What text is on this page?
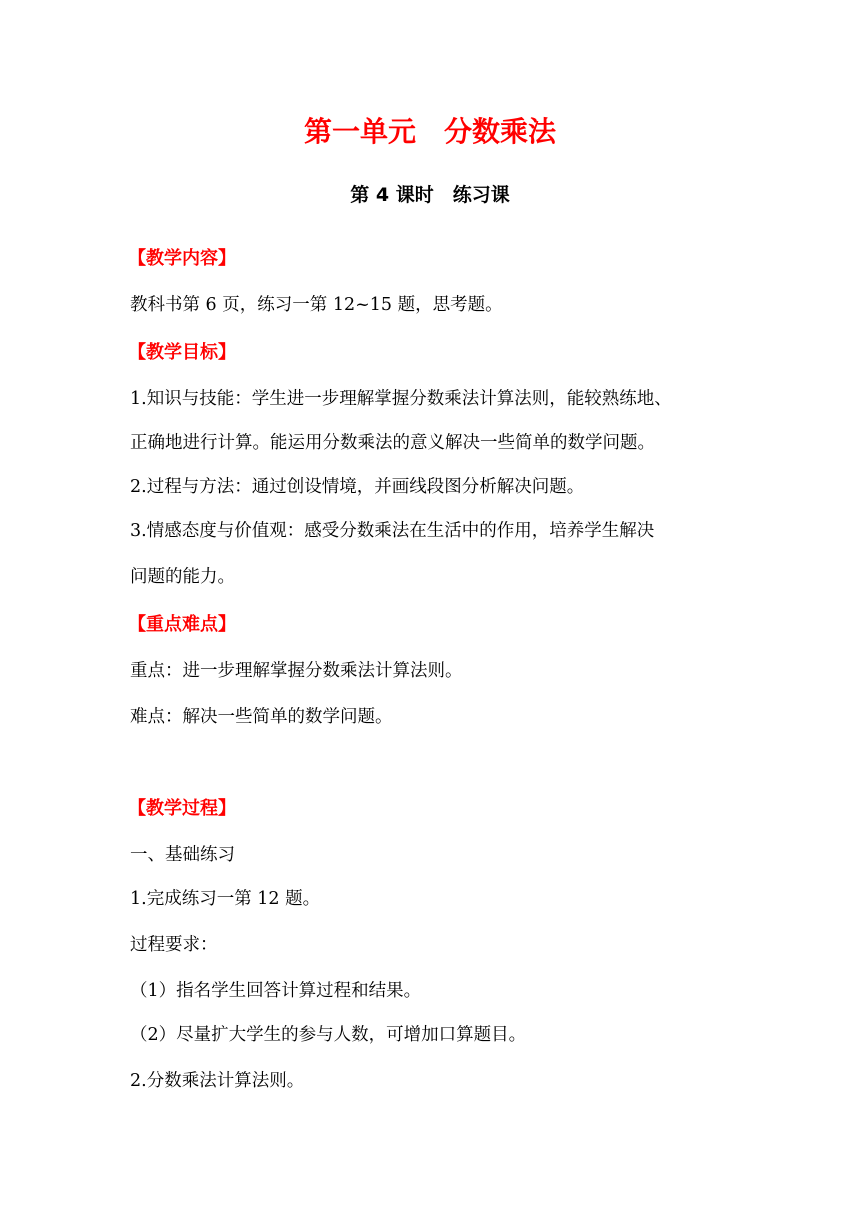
第一单元　分数乘法
第 4 课时　练习课
【教学内容】
教科书第 6 页，练习一第 12~15 题，思考题。
【教学目标】
1.知识与技能：学生进一步理解掌握分数乘法计算法则，能较熟练地、
正确地进行计算。能运用分数乘法的意义解决一些简单的数学问题。
2.过程与方法：通过创设情境，并画线段图分析解决问题。
3.情感态度与价值观：感受分数乘法在生活中的作用，培养学生解决
问题的能力。
【重点难点】
重点：进一步理解掌握分数乘法计算法则。
难点：解决一些简单的数学问题。
【教学过程】
一、基础练习
1.完成练习一第 12 题。
过程要求：
（1）指名学生回答计算过程和结果。
（2）尽量扩大学生的参与人数，可增加口算题目。
2.分数乘法计算法则。
